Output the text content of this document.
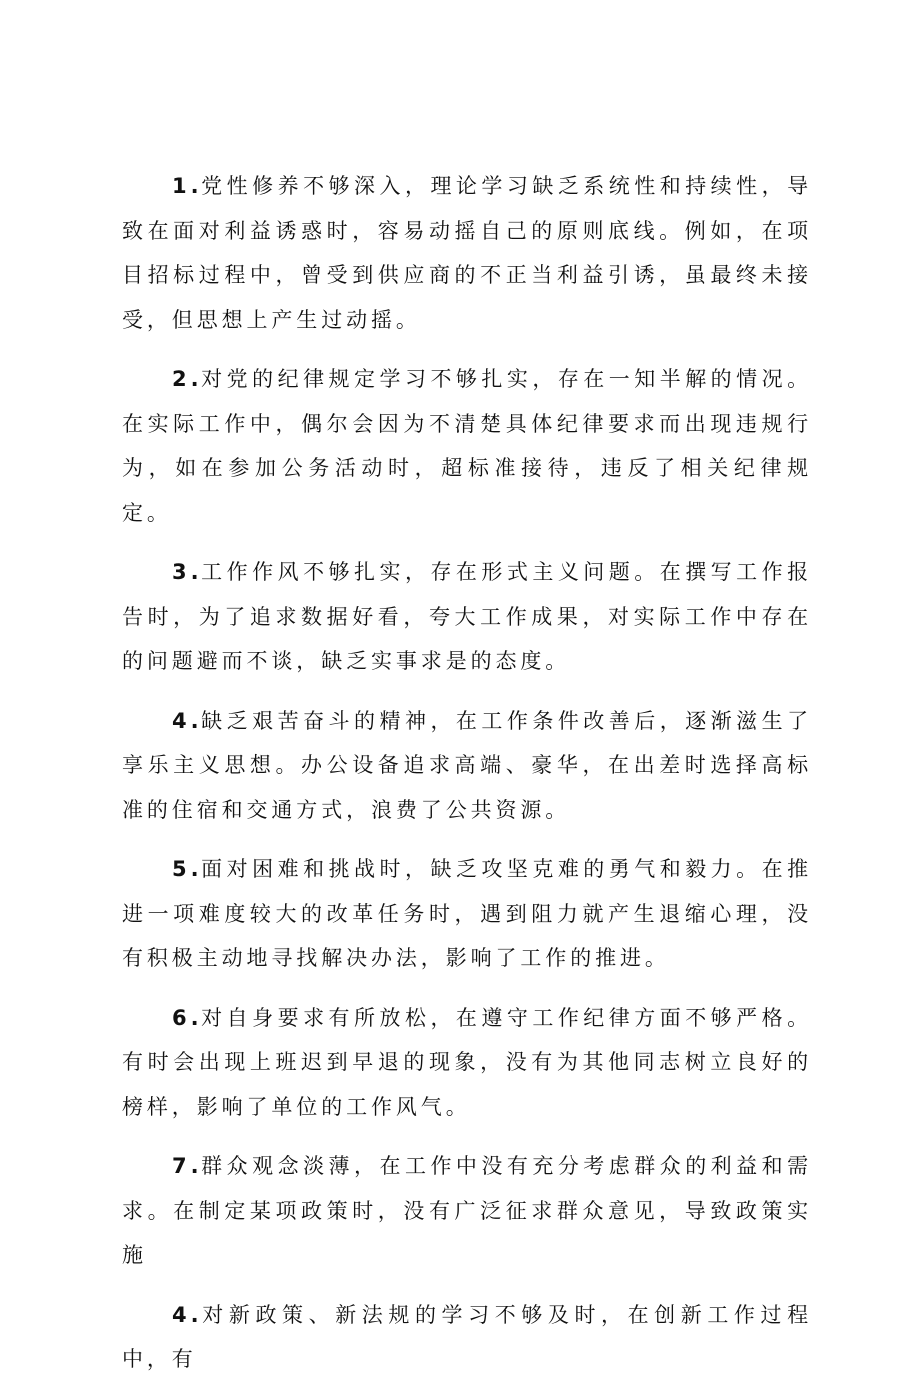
1 .党性修养不够深入，理论学习缺乏系统性和持续性，导致在面对利益诱惑时，容易动摇自己的原则底线。例如，在项目招标过程中，曾受到供应商的不正当利益引诱，虽最终未接受，但思想上产生过动摇。

2 .对党的纪律规定学习不够扎实，存在一知半解的情况。在实际工作中，偶尔会因为不清楚具体纪律要求而出现违规行为，如在参加公务活动时，超标准接待，违反了相关纪律规定。

3 .工作作风不够扎实，存在形式主义问题。在撰写工作报告时，为了追求数据好看，夸大工作成果，对实际工作中存在的问题避而不谈，缺乏实事求是的态度。

4 .缺乏艰苦奋斗的精神，在工作条件改善后，逐渐滋生了享乐主义思想。办公设备追求高端、豪华，在出差时选择高标准的住宿和交通方式，浪费了公共资源。

5 .面对困难和挑战时，缺乏攻坚克难的勇气和毅力。在推进一项难度较大的改革任务时，遇到阻力就产生退缩心理，没有积极主动地寻找解决办法，影响了工作的推进。

6 .对自身要求有所放松，在遵守工作纪律方面不够严格。有时会出现上班迟到早退的现象，没有为其他同志树立良好的榜样，影响了单位的工作风气。

7 .群众观念淡薄，在工作中没有充分考虑群众的利益和需求。在制定某项政策时，没有广泛征求群众意见，导致政策实施

4 .对新政策、新法规的学习不够及时，在创新工作过程中，有
